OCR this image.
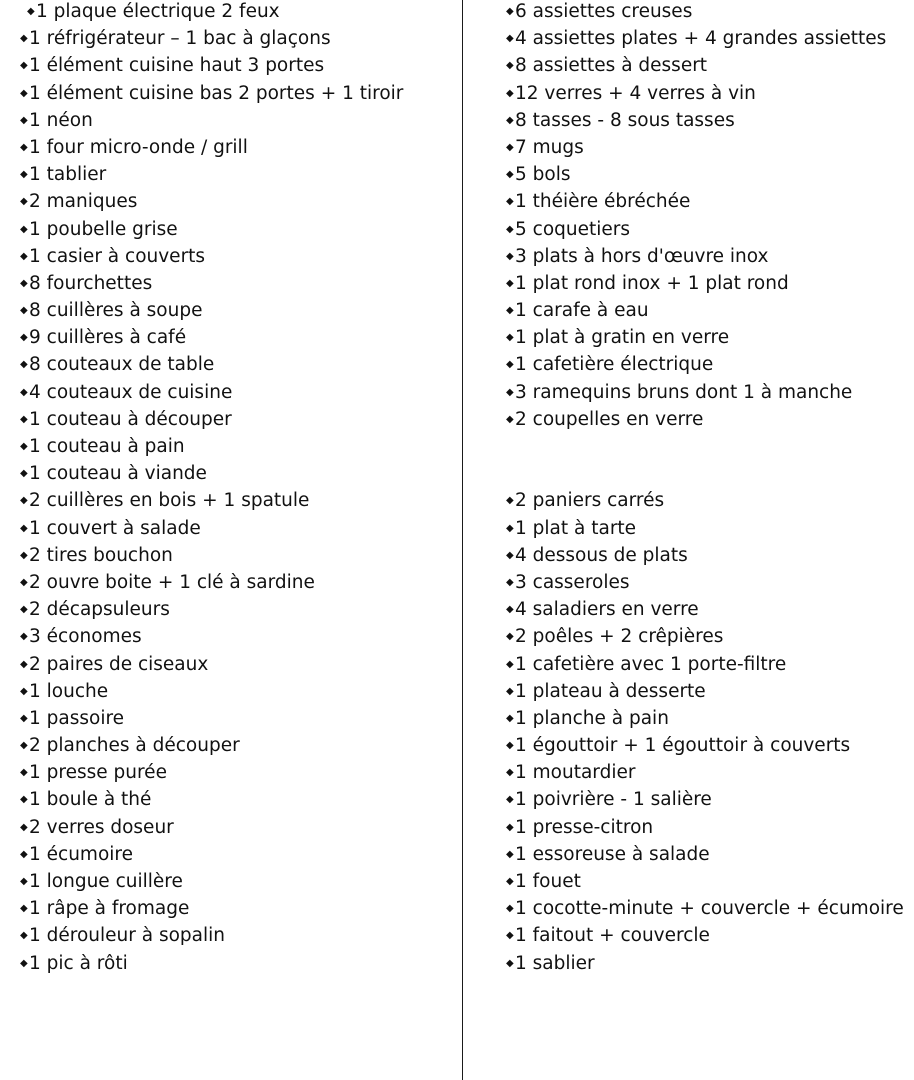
◆1 plaque électrique 2 feux
◆1 réfrigérateur – 1 bac à glaçons
◆1 élément cuisine haut 3 portes
◆1 élément cuisine bas 2 portes + 1 tiroir
◆1 néon
◆1 four micro-onde / grill
◆1 tablier
◆2 maniques
◆1 poubelle grise
◆1 casier à couverts
◆8 fourchettes
◆8 cuillères à soupe
◆9 cuillères à café
◆8 couteaux de table
◆4 couteaux de cuisine
◆1 couteau à découper
◆1 couteau à pain
◆1 couteau à viande
◆2 cuillères en bois + 1 spatule
◆1 couvert à salade
◆2 tires bouchon
◆2 ouvre boite + 1 clé à sardine
◆2 décapsuleurs
◆3 économes
◆2 paires de ciseaux
◆1 louche
◆1 passoire
◆2 planches à découper
◆1 presse purée
◆1 boule à thé
◆2 verres doseur
◆1 écumoire
◆1 longue cuillère
◆1 râpe à fromage
◆1 dérouleur à sopalin
◆1 pic à rôti
◆6 assiettes creuses
◆4 assiettes plates + 4 grandes assiettes
◆8 assiettes à dessert
◆12 verres + 4 verres à vin
◆8 tasses - 8 sous tasses
◆7 mugs
◆5 bols
◆1 théière ébréchée
◆5 coquetiers
◆3 plats à hors d'œuvre inox
◆1 plat rond inox + 1 plat rond
◆1 carafe à eau
◆1 plat à gratin en verre
◆1 cafetière électrique
◆3 ramequins bruns dont 1 à manche
◆2 coupelles en verre
◆2 paniers carrés
◆1 plat à tarte
◆4 dessous de plats
◆3 casseroles
◆4 saladiers en verre
◆2 poêles + 2 crêpières
◆1 cafetière avec 1 porte-filtre
◆1 plateau à desserte
◆1 planche à pain
◆1 égouttoir + 1 égouttoir à couverts
◆1 moutardier
◆1 poivrière - 1 salière
◆1 presse-citron
◆1 essoreuse à salade
◆1 fouet
◆1 cocotte-minute + couvercle + écumoire
◆1 faitout + couvercle
◆1 sablier
